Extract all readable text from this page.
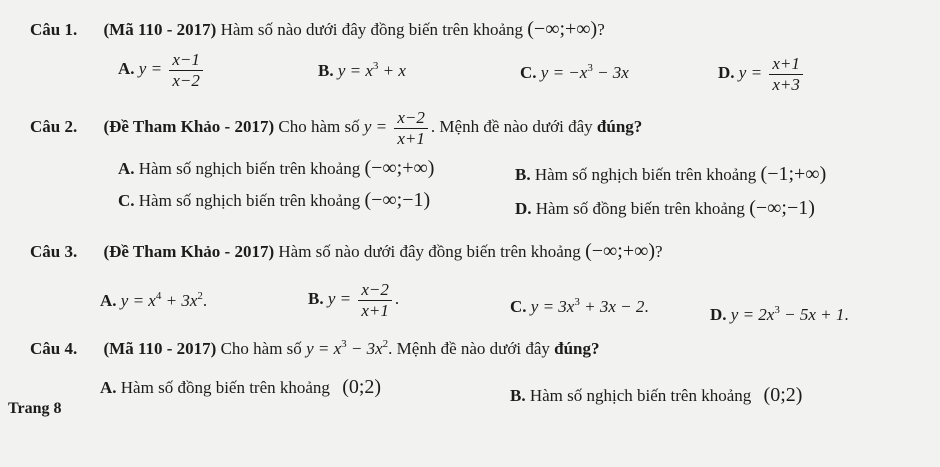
Câu 1. (Mã 110 - 2017) Hàm số nào dưới đây đồng biến trên khoảng (−∞;+∞)?
A. $y = \frac{x-1}{x-2}$	B. $y = x^3 + x$	C. $y = -x^3 - 3x$	D. $y = \frac{x+1}{x+3}$
Câu 2. (Đề Tham Khảo - 2017) Cho hàm số $y = \frac{x-2}{x+1}$ . Mệnh đề nào dưới đây đúng?
A. Hàm số nghịch biến trên khoảng (−∞;+∞)	B. Hàm số nghịch biến trên khoảng (−1;+∞)
C. Hàm số nghịch biến trên khoảng (−∞;−1)	D. Hàm số đồng biến trên khoảng (−∞;−1)
Câu 3. (Đề Tham Khảo - 2017) Hàm số nào dưới đây đồng biến trên khoảng (−∞;+∞)?
A. $y = x^4 + 3x^2$.	B. $y = \frac{x-2}{x+1}$ .	C. $y = 3x^3 + 3x - 2$.	D. $y = 2x^3 - 5x + 1$.
Câu 4. (Mã 110 - 2017) Cho hàm số $y = x^3 - 3x^2$. Mệnh đề nào dưới đây đúng?
A. Hàm số đồng biến trên khoảng (0;2)	B. Hàm số nghịch biến trên khoảng (0;2)
Trang 8
